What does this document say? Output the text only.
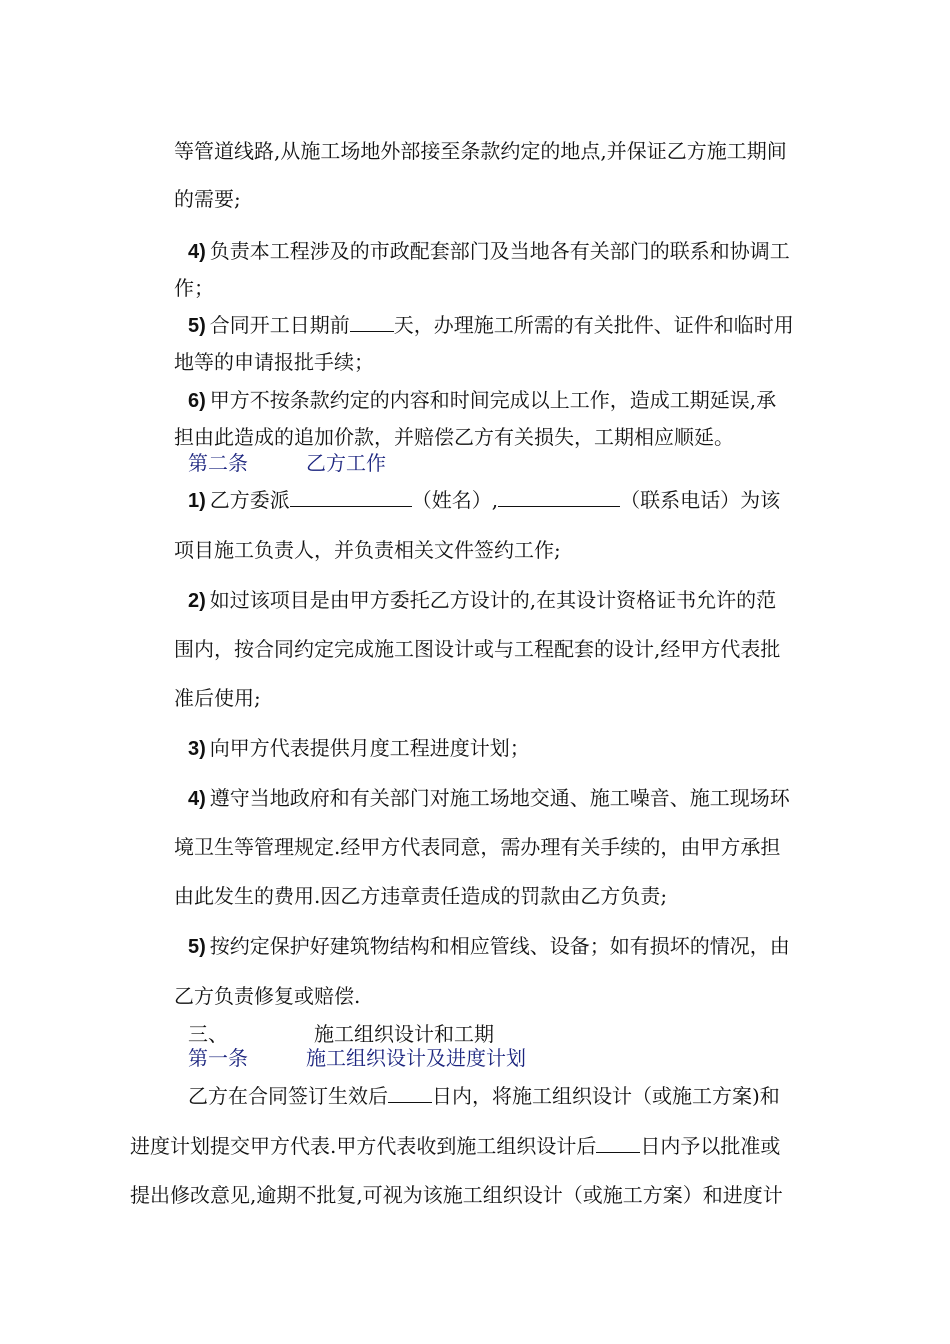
等管道线路,从施工场地外部接至条款约定的地点,并保证乙方施工期间
的需要;
4) 负责本工程涉及的市政配套部门及当地各有关部门的联系和协调工
作；
5) 合同开工日期前 天，办理施工所需的有关批件、证件和临时用
地等的申请报批手续；
6) 甲方不按条款约定的内容和时间完成以上工作，造成工期延误,承
担由此造成的追加价款，并赔偿乙方有关损失，工期相应顺延。
第二条	乙方工作
1) 乙方委派	（姓名）,	（联系电话）为该
项目施工负责人，并负责相关文件签约工作;
2) 如过该项目是由甲方委托乙方设计的,在其设计资格证书允许的范
围内，按合同约定完成施工图设计或与工程配套的设计,经甲方代表批
准后使用;
3) 向甲方代表提供月度工程进度计划；
4) 遵守当地政府和有关部门对施工场地交通、施工噪音、施工现场环
境卫生等管理规定.经甲方代表同意，需办理有关手续的，由甲方承担
由此发生的费用.因乙方违章责任造成的罚款由乙方负责;
5) 按约定保护好建筑物结构和相应管线、设备；如有损坏的情况，由
乙方负责修复或赔偿.
三、	施工组织设计和工期
第一条	施工组织设计及进度计划
乙方在合同签订生效后 日内，将施工组织设计（或施工方案)和
进度计划提交甲方代表.甲方代表收到施工组织设计后 日内予以批准或
提出修改意见,逾期不批复,可视为该施工组织设计（或施工方案）和进度计
